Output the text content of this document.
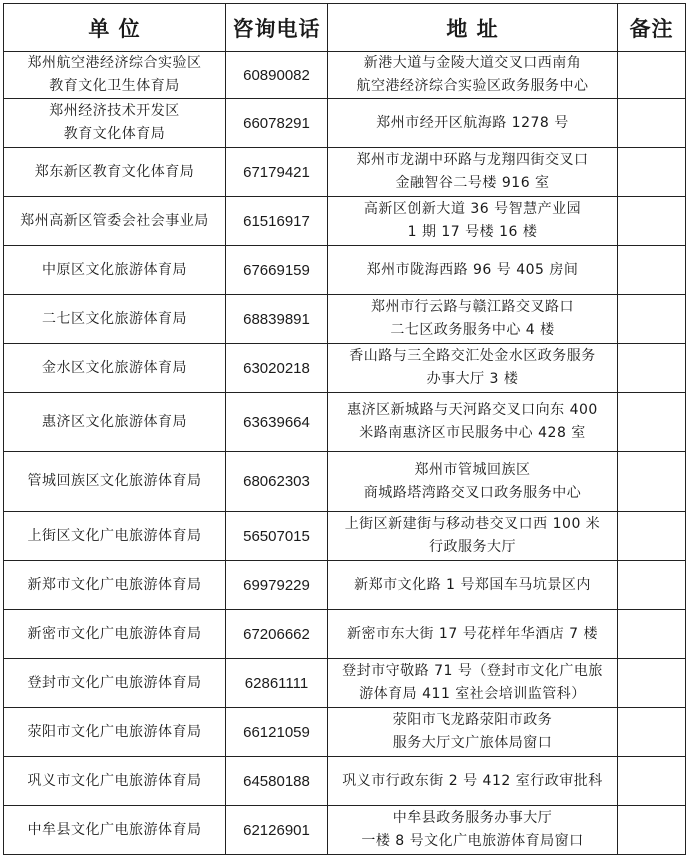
单 位	咨询电话	地 址	备注

郑州航空港经济综合实验区
教育文化卫生体育局	60890082	新港大道与金陵大道交叉口西南角
航空港经济综合实验区政务服务中心	

郑州经济技术开发区
教育文化体育局	66078291	郑州市经开区航海路 1278 号	

郑东新区教育文化体育局	67179421	郑州市龙湖中环路与龙翔四街交叉口
金融智谷二号楼 916 室	

郑州高新区管委会社会事业局	61516917	高新区创新大道 36 号智慧产业园
1 期 17 号楼 16 楼	

中原区文化旅游体育局	67669159	郑州市陇海西路 96 号 405 房间	

二七区文化旅游体育局	68839891	郑州市行云路与赣江路交叉路口
二七区政务服务中心 4 楼	

金水区文化旅游体育局	63020218	香山路与三全路交汇处金水区政务服务
办事大厅 3 楼	

惠济区文化旅游体育局	63639664	惠济区新城路与天河路交叉口向东 400
米路南惠济区市民服务中心 428 室	

管城回族区文化旅游体育局	68062303	郑州市管城回族区
商城路塔湾路交叉口政务服务中心	

上街区文化广电旅游体育局	56507015	上街区新建街与移动巷交叉口西 100 米
行政服务大厅	

新郑市文化广电旅游体育局	69979229	新郑市文化路 1 号郑国车马坑景区内	

新密市文化广电旅游体育局	67206662	新密市东大街 17 号花样年华酒店 7 楼	

登封市文化广电旅游体育局	62861111	登封市守敬路 71 号（登封市文化广电旅
游体育局 411 室社会培训监管科）	

荥阳市文化广电旅游体育局	66121059	荥阳市飞龙路荥阳市政务
服务大厅文广旅体局窗口	

巩义市文化广电旅游体育局	64580188	巩义市行政东街 2 号 412 室行政审批科	

中牟县文化广电旅游体育局	62126901	中牟县政务服务办事大厅
一楼 8 号文化广电旅游体育局窗口	
